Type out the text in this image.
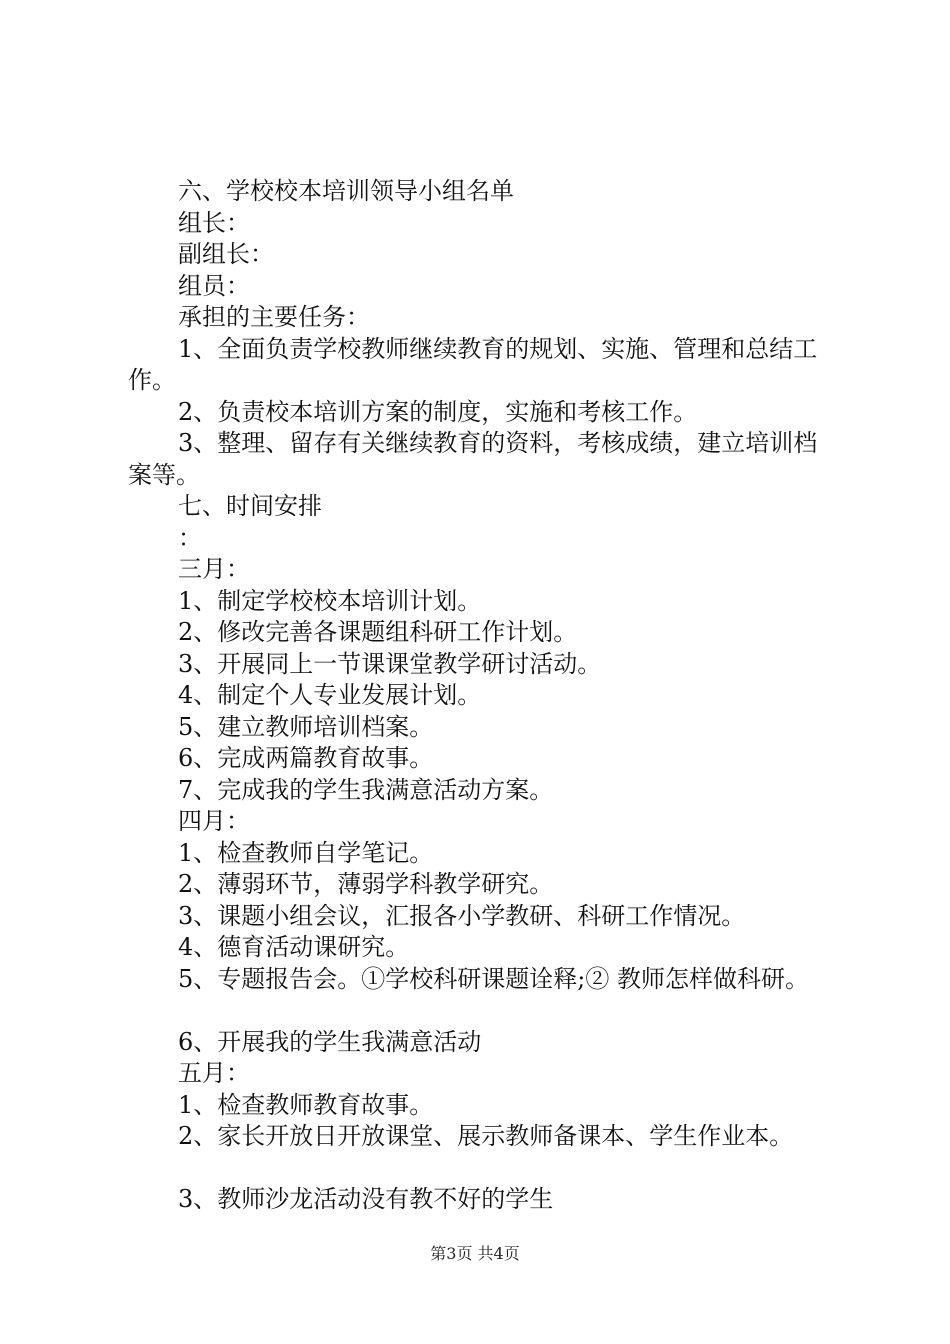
六、学校校本培训领导小组名单

组长：

副组长：

组员：

承担的主要任务：

1、全面负责学校教师继续教育的规划、实施、管理和总结工作。

2、负责校本培训方案的制度，实施和考核工作。

3、整理、留存有关继续教育的资料，考核成绩，建立培训档案等。

七、时间安排

：

三月：

1、制定学校校本培训计划。

2、修改完善各课题组科研工作计划。

3、开展同上一节课课堂教学研讨活动。

4、制定个人专业发展计划。

5、建立教师培训档案。

6、完成两篇教育故事。

7、完成我的学生我满意活动方案。

四月：

1、检查教师自学笔记。

2、薄弱环节，薄弱学科教学研究。

3、课题小组会议，汇报各小学教研、科研工作情况。

4、德育活动课研究。

5、专题报告会。①学校科研课题诠释;② 教师怎样做科研。

6、开展我的学生我满意活动

五月：

1、检查教师教育故事。

2、家长开放日开放课堂、展示教师备课本、学生作业本。

3、教师沙龙活动没有教不好的学生

第3页 共4页
